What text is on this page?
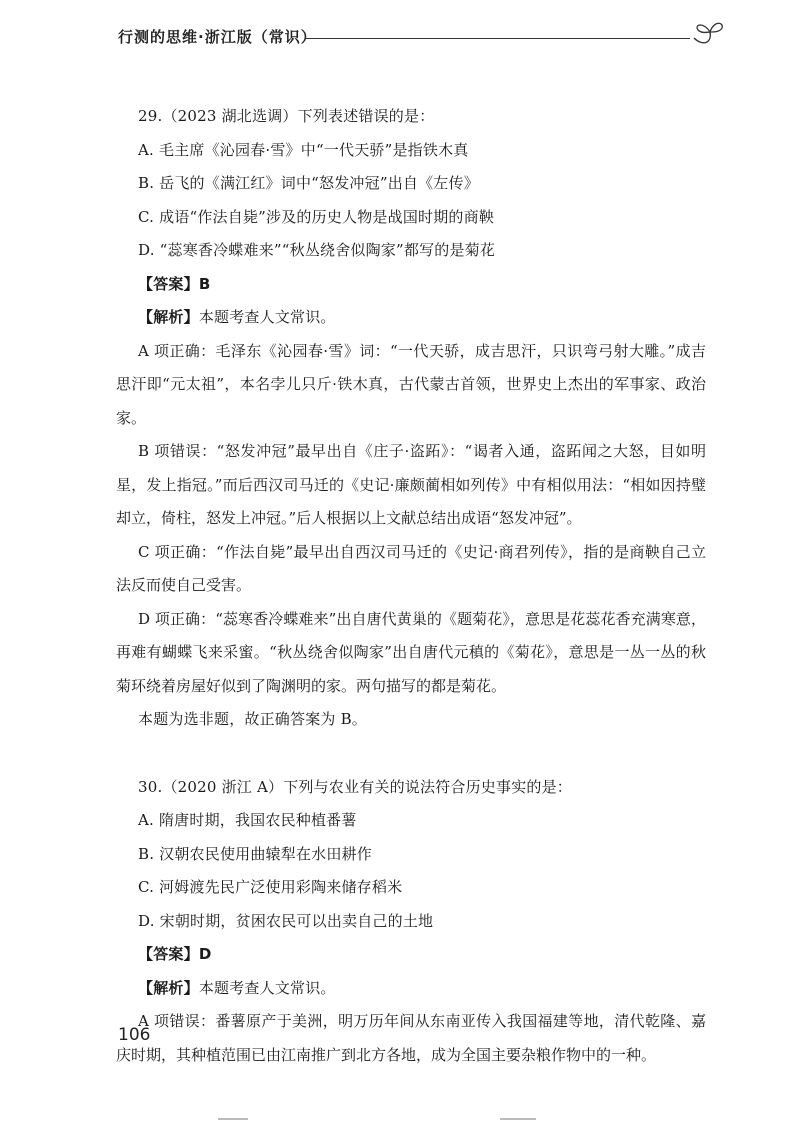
行测的思维·浙江版（常识）
29.（2023 湖北选调）下列表述错误的是：
A. 毛主席《沁园春·雪》中“一代天骄”是指铁木真
B. 岳飞的《满江红》词中“怒发冲冠”出自《左传》
C. 成语“作法自毙”涉及的历史人物是战国时期的商鞅
D. “蕊寒香冷蝶难来”“秋丛绕舍似陶家”都写的是菊花
【答案】B
【解析】本题考查人文常识。
A 项正确：毛泽东《沁园春·雪》词：“一代天骄，成吉思汗，只识弯弓射大雕。”成吉思汗即“元太祖”，本名孛儿只斤·铁木真，古代蒙古首领，世界史上杰出的军事家、政治家。
B 项错误：“怒发冲冠”最早出自《庄子·盗跖》：“谒者入通，盗跖闻之大怒，目如明星，发上指冠。”而后西汉司马迁的《史记·廉颇蔺相如列传》中有相似用法：“相如因持璧却立，倚柱，怒发上冲冠。”后人根据以上文献总结出成语“怒发冲冠”。
C 项正确：“作法自毙”最早出自西汉司马迁的《史记·商君列传》，指的是商鞅自己立法反而使自己受害。
D 项正确：“蕊寒香冷蝶难来”出自唐代黄巢的《题菊花》，意思是花蕊花香充满寒意，再难有蝴蝶飞来采蜜。“秋丛绕舍似陶家”出自唐代元稹的《菊花》，意思是一丛一丛的秋菊环绕着房屋好似到了陶渊明的家。两句描写的都是菊花。
本题为选非题，故正确答案为 B。
30.（2020 浙江 A）下列与农业有关的说法符合历史事实的是：
A. 隋唐时期，我国农民种植番薯
B. 汉朝农民使用曲辕犁在水田耕作
C. 河姆渡先民广泛使用彩陶来储存稻米
D. 宋朝时期，贫困农民可以出卖自己的土地
【答案】D
【解析】本题考查人文常识。
A 项错误：番薯原产于美洲，明万历年间从东南亚传入我国福建等地，清代乾隆、嘉庆时期，其种植范围已由江南推广到北方各地，成为全国主要杂粮作物中的一种。
106
